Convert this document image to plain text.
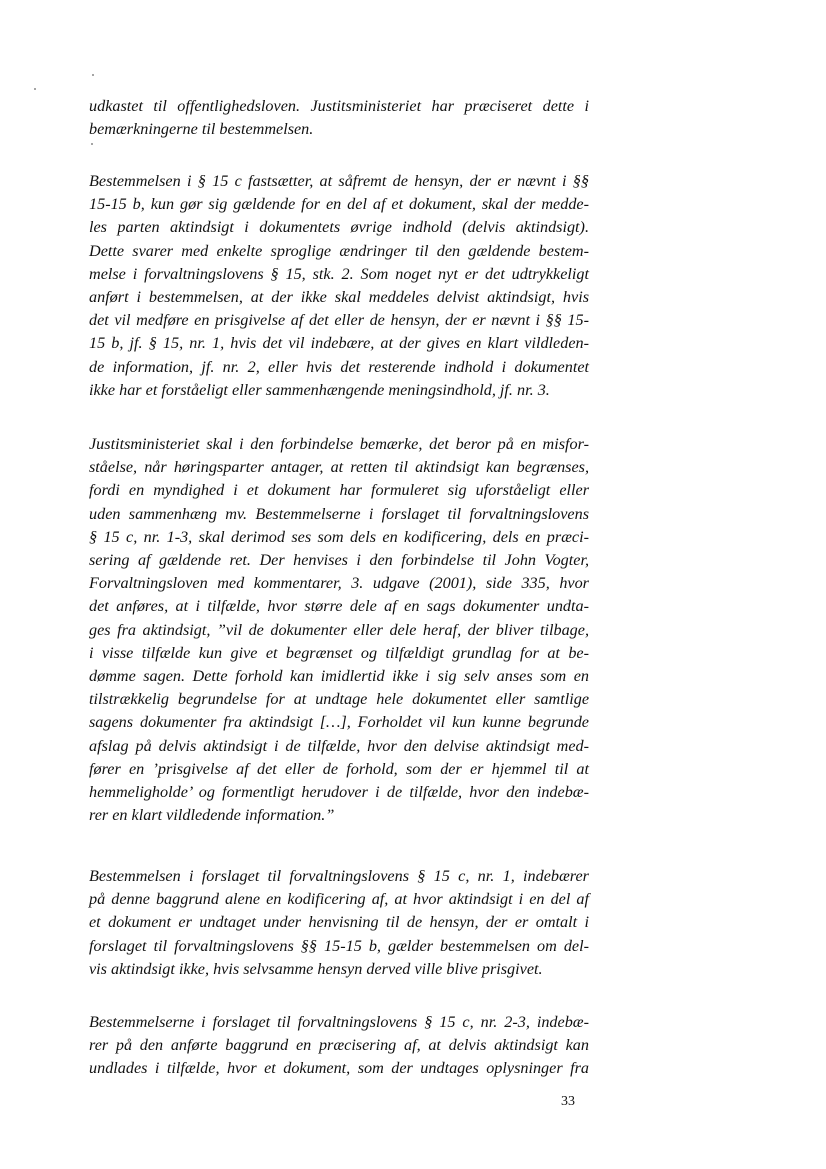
udkastet til offentlighedsloven. Justitsministeriet har præciseret dette i
bemærkningerne til bestemmelsen.
Bestemmelsen i § 15 c fastsætter, at såfremt de hensyn, der er nævnt i §§
15-15 b, kun gør sig gældende for en del af et dokument, skal der medde-
les parten aktindsigt i dokumentets øvrige indhold (delvis aktindsigt).
Dette svarer med enkelte sproglige ændringer til den gældende bestem-
melse i forvaltningslovens § 15, stk. 2. Som noget nyt er det udtrykkeligt
anført i bestemmelsen, at der ikke skal meddeles delvist aktindsigt, hvis
det vil medføre en prisgivelse af det eller de hensyn, der er nævnt i §§ 15-
15 b, jf. § 15, nr. 1, hvis det vil indebære, at der gives en klart vildleden-
de information, jf. nr. 2, eller hvis det resterende indhold i dokumentet
ikke har et forståeligt eller sammenhængende meningsindhold, jf. nr. 3.
Justitsministeriet skal i den forbindelse bemærke, det beror på en misfor-
ståelse, når høringsparter antager, at retten til aktindsigt kan begrænses,
fordi en myndighed i et dokument har formuleret sig uforståeligt eller
uden sammenhæng mv. Bestemmelserne i forslaget til forvaltningslovens
§ 15 c, nr. 1-3, skal derimod ses som dels en kodificering, dels en præci-
sering af gældende ret. Der henvises i den forbindelse til John Vogter,
Forvaltningsloven med kommentarer, 3. udgave (2001), side 335, hvor
det anføres, at i tilfælde, hvor større dele af en sags dokumenter undta-
ges fra aktindsigt, ”vil de dokumenter eller dele heraf, der bliver tilbage,
i visse tilfælde kun give et begrænset og tilfældigt grundlag for at be-
dømme sagen. Dette forhold kan imidlertid ikke i sig selv anses som en
tilstrækkelig begrundelse for at undtage hele dokumentet eller samtlige
sagens dokumenter fra aktindsigt […], Forholdet vil kun kunne begrunde
afslag på delvis aktindsigt i de tilfælde, hvor den delvise aktindsigt med-
fører en ’prisgivelse af det eller de forhold, som der er hjemmel til at
hemmeligholde’ og formentligt herudover i de tilfælde, hvor den indebæ-
rer en klart vildledende information.”
Bestemmelsen i forslaget til forvaltningslovens § 15 c, nr. 1, indebærer
på denne baggrund alene en kodificering af, at hvor aktindsigt i en del af
et dokument er undtaget under henvisning til de hensyn, der er omtalt i
forslaget til forvaltningslovens §§ 15-15 b, gælder bestemmelsen om del-
vis aktindsigt ikke, hvis selvsamme hensyn derved ville blive prisgivet.
Bestemmelserne i forslaget til forvaltningslovens § 15 c, nr. 2-3, indebæ-
rer på den anførte baggrund en præcisering af, at delvis aktindsigt kan
undlades i tilfælde, hvor et dokument, som der undtages oplysninger fra
33
